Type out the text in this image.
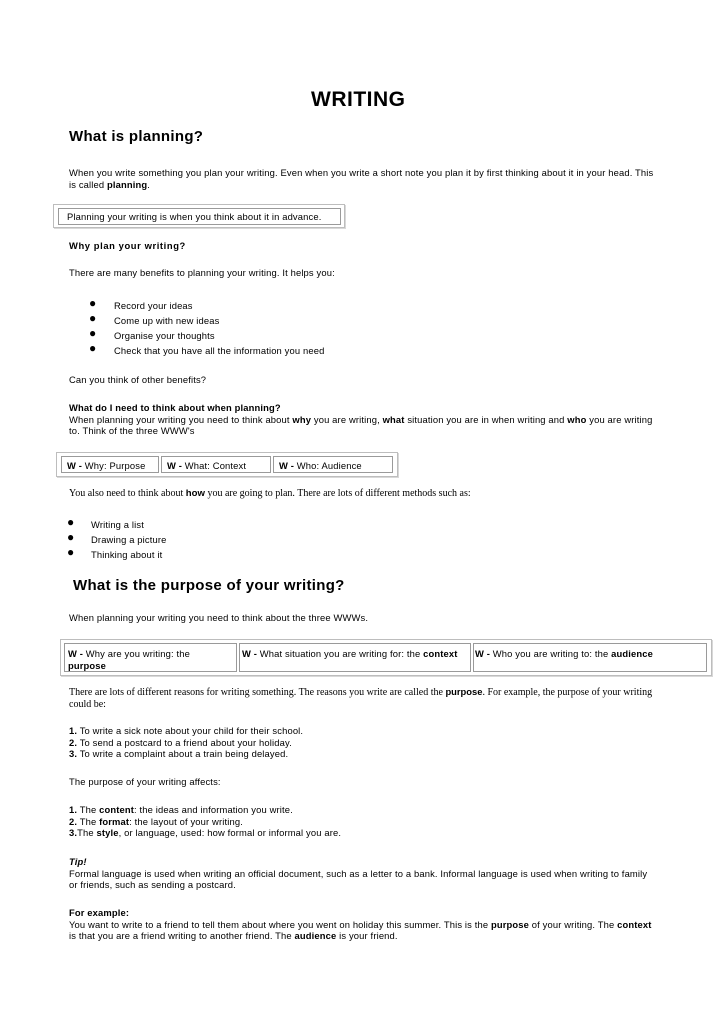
WRITING
What is planning?
When you write something you plan your writing. Even when you write a short note you plan it by first thinking about it in your head. This
is called planning.
Planning your writing is when you think about it in advance.
Why plan your writing?
There are many benefits to planning your writing. It helps you:
● Record your ideas
● Come up with new ideas
● Organise your thoughts
● Check that you have all the information you need
Can you think of other benefits?
What do I need to think about when planning?
When planning your writing you need to think about why you are writing, what situation you are in when writing and who you are writing
to. Think of the three WWW's
W - Why: Purpose W - What: Context	W - Who: Audience
You also need to think about how you are going to plan. There are lots of different methods such as:
● Writing a list
● Drawing a picture
● Thinking about it
What is the purpose of your writing?
When planning your writing you need to think about the three WWWs.
W - Why are you writing: the
purpose
W - What situation you are writing for: the context W - Who you are writing to: the audience
There are lots of different reasons for writing something. The reasons you write are called the purpose. For example, the purpose of your writing
could be:
1. To write a sick note about your child for their school.
2. To send a postcard to a friend about your holiday.
3. To write a complaint about a train being delayed.
The purpose of your writing affects:
1. The content: the ideas and information you write.
2. The format: the layout of your writing.
3.The style, or language, used: how formal or informal you are.
Tip!
Formal language is used when writing an official document, such as a letter to a bank. Informal language is used when writing to family
or friends, such as sending a postcard.
For example:
You want to write to a friend to tell them about where you went on holiday this summer. This is the purpose of your writing. The context
is that you are a friend writing to another friend. The audience is your friend.
